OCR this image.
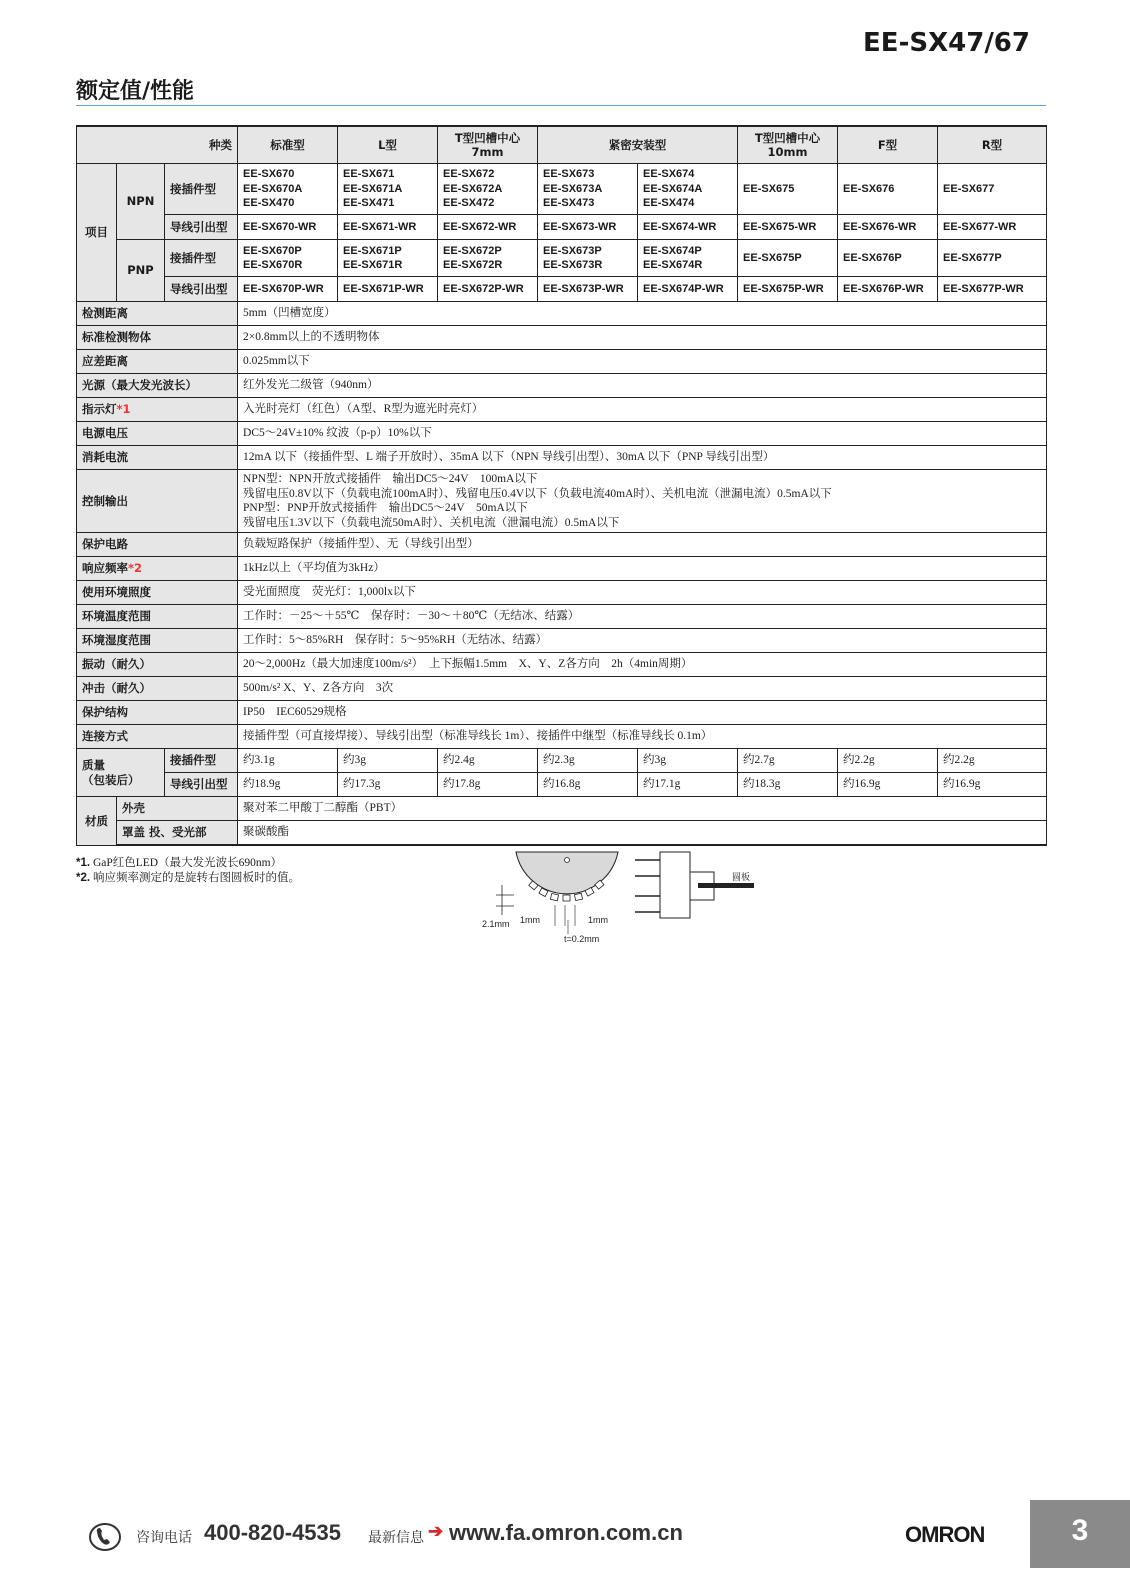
EE-SX47/67
额定值/性能
种类			标准型	L型	T型凹槽中心
7mm	紧密安装型		T型凹槽中心
10mm	F型	R型
项目	NPN	接插件型	EE-SX670
EE-SX670A
EE-SX470	EE-SX671
EE-SX671A
EE-SX471	EE-SX672
EE-SX672A
EE-SX472	EE-SX673
EE-SX673A
EE-SX473	EE-SX674
EE-SX674A
EE-SX474	EE-SX675	EE-SX676	EE-SX677
		导线引出型	EE-SX670-WR	EE-SX671-WR	EE-SX672-WR	EE-SX673-WR	EE-SX674-WR	EE-SX675-WR	EE-SX676-WR	EE-SX677-WR
	PNP	接插件型	EE-SX670P
EE-SX670R	EE-SX671P
EE-SX671R	EE-SX672P
EE-SX672R	EE-SX673P
EE-SX673R	EE-SX674P
EE-SX674R	EE-SX675P	EE-SX676P	EE-SX677P
		导线引出型	EE-SX670P-WR	EE-SX671P-WR	EE-SX672P-WR	EE-SX673P-WR	EE-SX674P-WR	EE-SX675P-WR	EE-SX676P-WR	EE-SX677P-WR
检测距离			5mm（凹槽宽度）							
标准检测物体			2×0.8mm以上的不透明物体							
应差距离			0.025mm以下							
光源（最大发光波长）			红外发光二级管（940nm）							
指示灯*1			入光时亮灯（红色）（A型、R型为遮光时亮灯）							
电源电压			DC5～24V±10% 纹波（p-p）10%以下							
消耗电流			12mA 以下（接插件型、L 端子开放时）、35mA 以下（NPN 导线引出型）、30mA 以下（PNP 导线引出型）							
控制输出			NPN型：NPN开放式接插件　输出DC5～24V　100mA以下
残留电压0.8V以下（负载电流100mA时）、残留电压0.4V以下（负载电流40mA时）、关机电流（泄漏电流）0.5mA以下
PNP型：PNP开放式接插件　输出DC5～24V　50mA以下
残留电压1.3V以下（负载电流50mA时）、关机电流（泄漏电流）0.5mA以下							
保护电路			负载短路保护（接插件型）、无（导线引出型）							
响应频率*2			1kHz以上（平均值为3kHz）							
使用环境照度			受光面照度　荧光灯：1,000lx以下							
环境温度范围			工作时：－25～＋55℃　保存时：－30～＋80℃（无结冰、结露）							
环境湿度范围			工作时：5～85%RH　保存时：5～95%RH（无结冰、结露）							
振动（耐久）			20～2,000Hz（最大加速度100m/s²）　上下振幅1.5mm　X、Y、Z各方向　2h（4min周期）							
冲击（耐久）			500m/s² X、Y、Z各方向　3次							
保护结构			IP50　IEC60529规格							
连接方式			接插件型（可直接焊接）、导线引出型（标准导线长 1m）、接插件中继型（标准导线长 0.1m）							
质量
（包装后）		接插件型	约3.1g	约3g	约2.4g	约2.3g	约3g	约2.7g	约2.2g	约2.2g
		导线引出型	约18.9g	约17.3g	约17.8g	约16.8g	约17.1g	约18.3g	约16.9g	约16.9g
材质	外壳		聚对苯二甲酸丁二醇酯（PBT）							
	罩盖 投、受光部		聚碳酸酯							
*1. GaP红色LED（最大发光波长690nm）
*2. 响应频率测定的是旋转右图圆板时的值。
2.1mm 1mm	1mm
t=0.2mm
圆板
咨询电话 400-820-4535 最新信息 ➔ www.fa.omron.com.cn	OMRON	3
